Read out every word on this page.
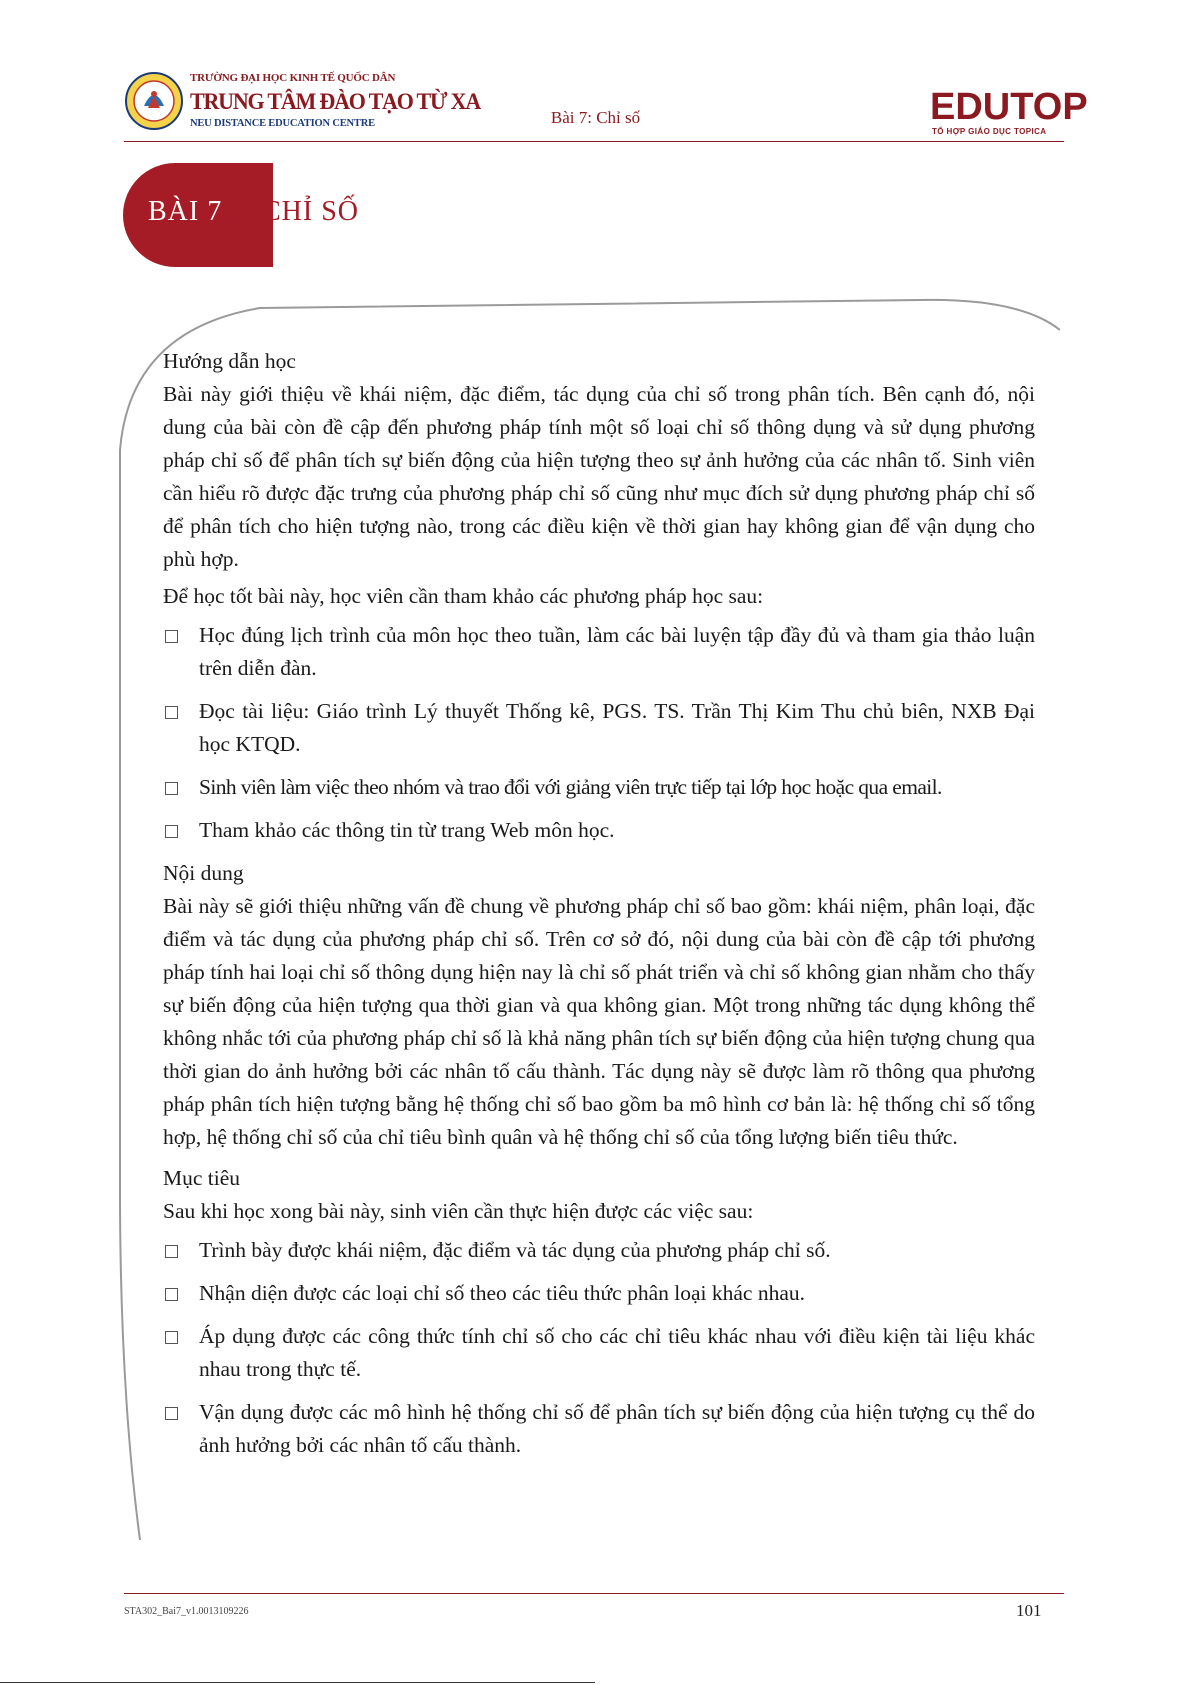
TRƯỜNG ĐẠI HỌC KINH TẾ QUỐC DÂN
TRUNG TÂM ĐÀO TẠO TỪ XA
NEU DISTANCE EDUCATION CENTRE	Bài 7: Chỉ số	EDUTOP
TỔ HỢP GIÁO DỤC TOPICA
BÀI 7 CHỈ SỐ
Hướng dẫn học

Bài này giới thiệu về khái niệm, đặc điểm, tác dụng của chỉ số trong phân tích. Bên cạnh đó, nội dung của bài còn đề cập đến phương pháp tính một số loại chỉ số thông dụng và sử dụng phương pháp chỉ số để phân tích sự biến động của hiện tượng theo sự ảnh hưởng của các nhân tố. Sinh viên cần hiểu rõ được đặc trưng của phương pháp chỉ số cũng như mục đích sử dụng phương pháp chỉ số để phân tích cho hiện tượng nào, trong các điều kiện về thời gian hay không gian để vận dụng cho phù hợp.

Để học tốt bài này, học viên cần tham khảo các phương pháp học sau:

Học đúng lịch trình của môn học theo tuần, làm các bài luyện tập đầy đủ và tham gia thảo luận trên diễn đàn.
Đọc tài liệu: Giáo trình Lý thuyết Thống kê, PGS. TS. Trần Thị Kim Thu chủ biên, NXB Đại học KTQD.
Sinh viên làm việc theo nhóm và trao đổi với giảng viên trực tiếp tại lớp học hoặc qua email.
Tham khảo các thông tin từ trang Web môn học.
Nội dung

Bài này sẽ giới thiệu những vấn đề chung về phương pháp chỉ số bao gồm: khái niệm, phân loại, đặc điểm và tác dụng của phương pháp chỉ số. Trên cơ sở đó, nội dung của bài còn đề cập tới phương pháp tính hai loại chỉ số thông dụng hiện nay là chỉ số phát triển và chỉ số không gian nhằm cho thấy sự biến động của hiện tượng qua thời gian và qua không gian. Một trong những tác dụng không thể không nhắc tới của phương pháp chỉ số là khả năng phân tích sự biến động của hiện tượng chung qua thời gian do ảnh hưởng bởi các nhân tố cấu thành. Tác dụng này sẽ được làm rõ thông qua phương pháp phân tích hiện tượng bằng hệ thống chỉ số bao gồm ba mô hình cơ bản là: hệ thống chỉ số tổng hợp, hệ thống chỉ số của chỉ tiêu bình quân và hệ thống chỉ số của tổng lượng biến tiêu thức.

Mục tiêu

Sau khi học xong bài này, sinh viên cần thực hiện được các việc sau:

Trình bày được khái niệm, đặc điểm và tác dụng của phương pháp chỉ số.
Nhận diện được các loại chỉ số theo các tiêu thức phân loại khác nhau.
Áp dụng được các công thức tính chỉ số cho các chỉ tiêu khác nhau với điều kiện tài liệu khác nhau trong thực tế.
Vận dụng được các mô hình hệ thống chỉ số để phân tích sự biến động của hiện tượng cụ thể do ảnh hưởng bởi các nhân tố cấu thành.
STA302_Bai7_v1.0013109226	101
